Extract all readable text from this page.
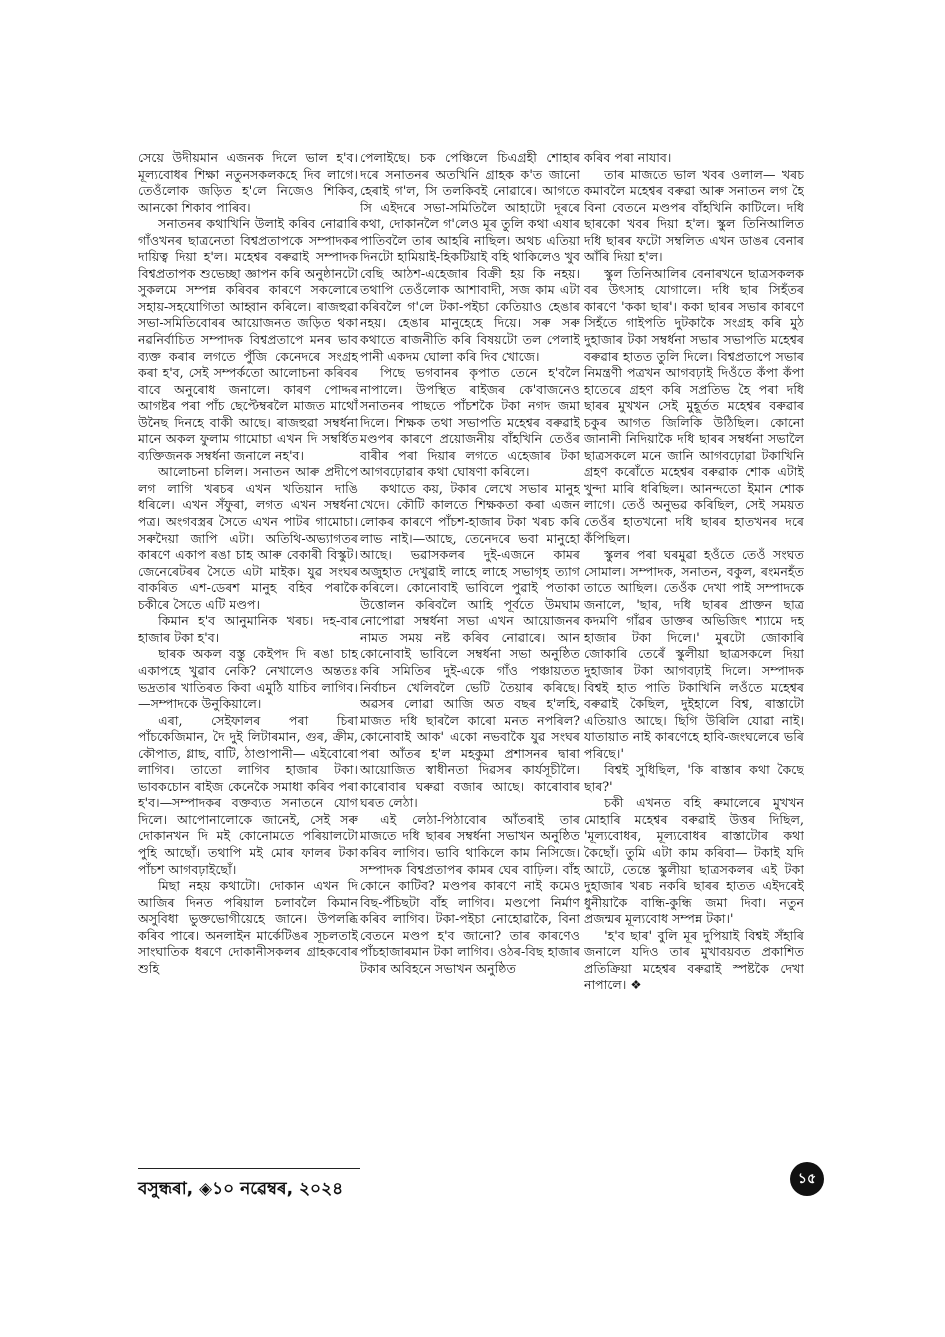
সেয়ে উদীয়মান এজনক দিলে ভাল হ'ব। মূল্যবোধৰ শিক্ষা নতুনসকলকহে দিব লাগে। তেওঁলোক জড়িত হ'লে নিজেও শিকিব, আনকো শিকাব পাৰিব।

সনাতনৰ কথাখিনি উলাই কৰিব নোৱাৰি গাঁওখনৰ ছাত্ৰনেতা বিশ্বপ্ৰতাপকে সম্পাদকৰ দায়িত্ব দিয়া হ'ল। মহেশ্বৰ বৰুৱাই সম্পাদক বিশ্বপ্ৰতাপক শুভেচ্ছা জ্ঞাপন কৰি অনুষ্ঠানটো সুকলমে সম্পন্ন কৰিবৰ কাৰণে সকলোৰে সহায়-সহযোগিতা আহ্বান কৰিলে। ৰাজহুৱা সভা-সমিতিবোৰৰ আয়োজনত জড়িত থকা নৱনিৰ্বাচিত সম্পাদক বিশ্বপ্ৰতাপে মনৰ ভাব ব্যক্ত কৰাৰ লগতে পুঁজি কেনেদৰে সংগ্ৰহ কৰা হ'ব, সেই সম্পৰ্কতো আলোচনা কৰিবৰ বাবে অনুৰোধ জনালে। কাৰণ পোদ্দৰ আগষ্টৰ পৰা পাঁচ ছেপ্টেম্বৰলৈ মাজত মাথোঁ উনৈছ দিনহে বাকী আছে। ৰাজহুৱা সম্বৰ্ধনা মানে অকল ফুলাম গামোচা এখন দি সম্বৰ্ধিত ব্যক্তিজনক সম্বৰ্ধনা জনালে নহ'ব।

আলোচনা চলিল। সনাতন আৰু প্ৰদীপে লগ লাগি খৰচৰ এখন খতিয়ান দাঙি ধৰিলে। এখন সঁফুৰা, লগত এখন সম্বৰ্ধনা পত্ৰ। অংগবস্ত্ৰৰ সৈতে এখন পাটৰ গামোচা। সৰুদৈয়া জাপি এটা। অতিথি-অভ্যাগতৰ কাৰণে একাপ ৰঙা চাহ আৰু বেকাৰী বিস্কুট। জেনেৰেটৰৰ সৈতে এটা মাইক। যুৱ সংঘৰ বাকৰিত এশ-ডেৰশ মানুহ বহিব পৰাকৈ চকীৰে সৈতে এটি মণ্ডপ।

কিমান হ'ব আনুমানিক খৰচ। দহ-বাৰ হাজাৰ টকা হ'ব।

ছাৰক অকল বস্তু কেইপদ দি ৰঙা চাহ একাপহে খুৱাব নেকি? নেখালেও অন্ততঃ ভদ্ৰতাৰ খাতিৰত কিবা এমুঠি যাচিব লাগিব। —সম্পাদকে উনুকিয়ালে।

এৰা, সেইফালৰ পৰা চিৰা পাঁচকেজিমান, দৈ দুই লিটাৰমান, গুৰ, ক্ৰীম, কৌপাত, গ্লাছ, বাটি, ঠাণ্ডাপানী— এইবোৰো লাগিব। তাতো লাগিব হাজাৰ টকা। ভাবকচোন ৰাইজ কেনেকৈ সমাধা কৰিব পৰা হ'ব।—সম্পাদকৰ বক্তব্যত সনাতনে যোগ দিলে। আপোনালোকে জানেই, সেই সৰু দোকানখন দি মই কোনোমতে পৰিয়ালটো পুহি আছোঁ। তথাপি মই মোৰ ফালৰ টকা পাঁচশ আগবঢ়াইছোঁ।

মিছা নহয় কথাটো। দোকান এখন দি আজিৰ দিনত পৰিয়াল চলাবলৈ কিমান অসুবিধা ভুক্তভোগীয়েহে জানে। উপলব্ধি কৰিব পাৰে। অনলাইন মাৰ্কেটিঙৰ সূচলতাই সাংঘাতিক ধৰণে দোকানীসকলৰ গ্ৰাহকবোৰ শুহি

পেলাইছে। চক পেঞ্চিলে চিএগ্ৰহী শোহাৰ দৰে সনাতনৰ অতখিনি গ্ৰাহক ক'ত জানো হেৰাই গ'ল, সি তলকিবই নোৱাৰে। আগতে সি এইদৰে সভা-সমিতিলৈ আহাটো দূৰৰে কথা, দোকানলৈ গ'লেও মূৰ তুলি কথা এষাৰ পাতিবলৈ তাৰ আহৰি নাছিল। অথচ এতিয়া দিনটো হামিয়াই-হিকটিয়াই বহি থাকিলেও খুব বেছি আঠশ-এহেজাৰ বিক্ৰী হয় কি নহয়। তথাপি তেওঁলোক আশাবাদী, সজ কাম এটা কৰিবলৈ গ'লে টকা-পইচা কেতিয়াও হেঙাৰ নহয়। হেঙাৰ মানুহেহে দিয়ে। সৰু সৰু কথাতে ৰাজনীতি কৰি বিষয়টো তল পেলাই পানী একদম ঘোলা কৰি দিব খোজে।

পিছে ভগবানৰ কৃপাত তেনে হ'বলৈ নাপালে। উপস্থিত ৰাইজৰ কে'বাজনেও সনাতনৰ পাছতে পাঁচশকৈ টকা নগদ জমা দিলে। শিক্ষক তথা সভাপতি মহেশ্বৰ বৰুৱাই মণ্ডপৰ কাৰণে প্ৰয়োজনীয় বাঁহখিনি তেওঁৰ বাৰীৰ পৰা দিয়াৰ লগতে এহেজাৰ টকা আগবঢ়োৱাৰ কথা ঘোষণা কৰিলে।

কথাতে কয়, টকাৰ লেখে সভাৰ মানুহ খেদে। কৌটি কালতে শিক্ষকতা কৰা এজন লোকৰ কাৰণে পাঁচশ-হাজাৰ টকা খৰচ কৰি লাভ নাই।—আছে, তেনেদৰে ভবা মানুহো আছে। ভৱাসকলৰ দুই-এজনে কামৰ অজুহাত দেখুৱাই লাহে লাহে সভাগৃহ ত্যাগ কৰিলে। কোনোবাই ভাবিলে পুৱাই পতাকা উত্তোলন কৰিবলৈ আহি পূৰ্বতে উমঘাম নোপোৱা সম্বৰ্ধনা সভা এখন আয়োজনৰ নামত সময় নষ্ট কৰিব নোৱাৰে। আন কোনোবাই ভাবিলে সম্বৰ্ধনা সভা অনুষ্ঠিত কৰি সমিতিৰ দুই-একে গাঁও পঞ্চায়তত নিৰ্বাচন খেলিবলৈ ভেটি তৈয়াৰ কৰিছে। অৱসৰ লোৱা আজি অত বছৰ হ'লহি, মাজত দধি ছাৰলৈ কাৰো মনত নপৰিল? কোনোবাই আক' একো নভবাকৈ যুৱ সংঘৰ পৰা আঁতৰ হ'ল মহকুমা প্ৰশাসনৰ দ্বাৰা আয়োজিত স্বাধীনতা দিৱসৰ কাৰ্যসূচীলৈ। কাৰোবাৰ ঘৰুৱা বজাৰ আছে। কাৰোবাৰ ঘৰত লেঠা।

এই লেঠা-পিঠাবোৰ আঁতৰাই তাৰ মাজতে দধি ছাৰৰ সম্বৰ্ধনা সভাখন অনুষ্ঠিত কৰিব লাগিব। ভাবি থাকিলে কাম নিসিজে। সম্পাদক বিশ্বপ্ৰতাপৰ কামৰ ঘেৰ বাঢ়িল। বাঁহ কোনে কাটিব? মণ্ডপৰ কাৰণে নাই কমেও বিছ-পঁচিছটা বাঁহ লাগিব। মণ্ডপো নিৰ্মাণ কৰিব লাগিব। টকা-পইচা নোহোৱাকৈ, বিনা বেতনে মণ্ডপ হ'ব জানো? তাৰ কাৰণেও পাঁচহাজাৰমান টকা লাগিব। ওঠৰ-বিছ হাজাৰ টকাৰ অবিহনে সভাখন অনুষ্ঠিত

কৰিব পৰা নাযাব।

তাৰ মাজতে ভাল খবৰ ওলাল— খৰচ কমাবলৈ মহেশ্বৰ বৰুৱা আৰু সনাতন লগ হৈ বিনা বেতনে মণ্ডপৰ বাঁহখিনি কাটিলে। দধি ছাৰকো খবৰ দিয়া হ'ল। স্কুল তিনিআলিত দধি ছাৰৰ ফটো সম্বলিত এখন ডাঙৰ বেনাৰ আঁৰি দিয়া হ'ল।

স্কুল তিনিআলিৰ বেনাৰখনে ছাত্ৰসকলক বৰ উৎসাহ যোগালে। দধি ছাৰ সিহঁতৰ কাৰণে 'ককা ছাৰ'। ককা ছাৰৰ সভাৰ কাৰণে সিহঁতে গাইপতি দুটকাকৈ সংগ্ৰহ কৰি মুঠ দুহাজাৰ টকা সম্বৰ্ধনা সভাৰ সভাপতি মহেশ্বৰ বৰুৱাৰ হাতত তুলি দিলে। বিশ্বপ্ৰতাপে সভাৰ নিমন্ত্ৰণী পত্ৰখন আগবঢ়াই দিওঁতে কঁপা কঁপা হাতেৰে গ্ৰহণ কৰি সপ্ৰতিভ হৈ পৰা দধি ছাৰৰ মুখখন সেই মুহূৰ্তত মহেশ্বৰ বৰুৱাৰ চকুৰ আগত জিলিকি উঠিছিল। কোনো জানানী নিদিয়াকৈ দধি ছাৰৰ সম্বৰ্ধনা সভালৈ ছাত্ৰসকলে মনে জানি আগবঢ়োৱা টকাখিনি গ্ৰহণ কৰোঁতে মহেশ্বৰ বৰুৱাক শোক এটাই খুন্দা মাৰি ধৰিছিল। আনন্দতো ইমান শোক লাগে। তেওঁ অনুভৱ কৰিছিল, সেই সময়ত তেওঁৰ হাতখনো দধি ছাৰৰ হাতখনৰ দৰে কঁপিছিল।

স্কুলৰ পৰা ঘৰমুৱা হওঁতে তেওঁ সংঘত সোমাল। সম্পাদক, সনাতন, বকুল, ৰংমনহঁত তাতে আছিল। তেওঁক দেখা পাই সম্পাদকে জনালে, 'ছাৰ, দধি ছাৰৰ প্ৰাক্তন ছাত্ৰ কদমণি গাঁৱৰ ডাক্তৰ অভিজিৎ শ্যামে দহ হাজাৰ টকা দিলে।' মুৰটো জোকাৰি জোকাৰি তেৰেঁ স্কুলীয়া ছাত্ৰসকলে দিয়া দুহাজাৰ টকা আগবঢ়াই দিলে। সম্পাদক বিশ্বই হাত পাতি টকাখিনি লওঁতে মহেশ্বৰ বৰুৱাই কৈছিল, দুইহালে বিশ্ব, ৰাস্তাটো এতিয়াও আছে। ছিগি উৰিলি যোৱা নাই। যাতায়াত নাই কাৰণেহে হাবি-জংঘলেৰে ভৰি পৰিছে।'

বিশ্বই সুধিছিল, 'কি ৰাস্তাৰ কথা কৈছে ছাৰ?'

চকী এখনত বহি ৰুমালেৰে মুখখন মোহাৰি মহেশ্বৰ বৰুৱাই উত্তৰ দিছিল, 'মূল্যবোধৰ, মূল্যবোধৰ ৰাস্তাটোৰ কথা কৈছোঁ। তুমি এটা কাম কৰিবা— টকাই যদি আটে, তেন্তে স্কুলীয়া ছাত্ৰসকলৰ এই টকা দুহাজাৰ খৰচ নকৰি ছাৰৰ হাতত এইদৰেই ধুনীয়াকৈ বান্ধি-কুন্ধি জমা দিবা। নতুন প্ৰজন্মৰ মূল্যবোধ সম্পন্ন টকা।'

'হ'ব ছাৰ' বুলি মূৰ দুপিয়াই বিশ্বই সঁহাৰি জনালে যদিও তাৰ মুখাবয়বত প্ৰকাশিত প্ৰতিক্ৰিয়া মহেশ্বৰ বৰুৱাই স্পষ্টকৈ দেখা নাপালে। ❖

বসুন্ধৰা, ◈১০ নৱেম্বৰ, ২০২৪	১৫
